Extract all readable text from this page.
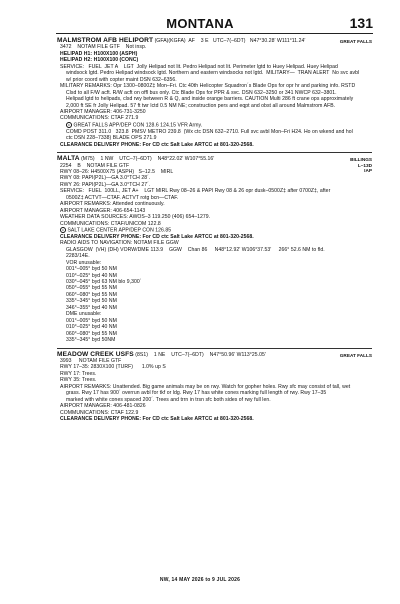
MONTANA	131
GREAT FALLS
MALMSTROM AFB HELIPORT (GFA)(KGFA)  AF    3 E   UTC–7(–6DT)   N47°30.28′ W111°11.24′
3472    NOTAM FILE GTF    Not insp.
HELIPAD H1: H100X100 (ASPH)
HELIPAD H2: H100X100 (CONC)
SERVICE:   FUEL  JET A    LGT  Jolly Helipad not lit. Pedro Helipad not lit. Perimeter lgtd to Huey Helipad. Huey Helipad
windsock lgtd. Pedro Helipad windsock lgtd. Northern and eastern windsocks not lgtd.  MILITARY—  TRAN ALERT  No svc avbl
w/ prior coord with copter maint DSN 632–6356.
MILITARY REMARKS: Opr 1300–0800Z‡ Mon–Fri. Ctc 40th Helicopter Squadron´s Blade Ops for opr hr and parking info. RSTD
Clsd to all F/W acft. R/W acft on offl bus only. Ctc Blade Ops for PPR & svc. DSN 632–3250 or 341 NWCP 632–3801.
Helipad lgtd to helipads, clsd rwy between R & Q, and inside orange barriers. CAUTION Multi 286 ft crane ops approximately
2,000 ft SE fr Jolly Helipad. 57 ft twr lctd 0.5 NM NE; construction pers and eqpt and obst all around Malmstrom AFB.
AIRPORT MANAGER: 406-731-3250
COMMUNICATIONS: CTAF 271.9
C GREAT FALLS APP/DEP CON 128.6 124.15 VFR Army.
COMD POST 311.0   323.8  PMSV METRO 239.8  (Wx ctc DSN 632–2710. Full svc avbl Mon–Fri H24. Ho on wkend and hol
ctc DSN 228–7338) BLADE OPS 271.9
CLEARANCE DELIVERY PHONE: For CD ctc Salt Lake ARTCC at 801-320-2568.
BILLINGS
L–13D
IAP
MALTA (M75)    1 NW    UTC–7(–6DT)    N48°22.02′ W107°55.16′
2254    B    NOTAM FILE GTF
RWY 08–26: H4500X75 (ASPH)   S–12.5    MIRL
RWY 08: PAPI(P2L)—GA 3.0°TCH 28´.
RWY 26: PAPI(P2L)—GA 3.0°TCH 27´.
SERVICE:   FUEL  100LL, JET A+    LGT MIRL Rwy 08–26 & PAPI Rwy 08 & 26 opr dusk–0500Z‡ after 0700Z‡, after
0500Z‡ ACTVT—CTAF. ACTVT rotg bcn—CTAF.
AIRPORT REMARKS: Attended continuously.
AIRPORT MANAGER: 406-654-1143
WEATHER DATA SOURCES: AWOS–3 119.250 (406) 654–1279.
COMMUNICATIONS: CTAF/UNICOM 122.8
C SALT LAKE CENTER APP/DEP CON 126.85
CLEARANCE DELIVERY PHONE: For CD ctc Salt Lake ARTCC at 801-320-2568.
RADIO AIDS TO NAVIGATION: NOTAM FILE GGW
GLASGOW  (VH) (DH) VORW/DME 113.9    GGW    Chan 86     N48°12.92′ W106°37.53′     266° 52.6 NM to fld.
2283/14E.
VOR unusable:
001°–005° byd 50 NM
010°–025° byd 40 NM
030°–045° byd 63 NM blo 9,300´
050°–055° byd 55 NM
060°–080° byd 55 NM
335°–345° byd 50 NM
346°–355° byd 40 NM
DME unusable:
001°–005° byd 50 NM
010°–025° byd 40 NM
060°–080° byd 55 NM
335°–345° byd 50NM
GREAT FALLS
MEADOW CREEK USFS (8S1)    1 NE    UTC–7(–6DT)    N47°50.96′ W113°25.05′
3993     NOTAM FILE GTF
RWY 17–35: 2830X100 (TURF)      1.0% up S
RWY 17: Trees.
RWY 35: Trees.
AIRPORT REMARKS: Unattended. Big game animals may be on rwy. Watch for gopher holes. Rwy sfc may consist of tall, wet
grass. Rwy 17 has 900´ overrun avbl for tkf or ldg. Rwy 17 has white cones marking full length of rwy. Rwy 17–35
marked with white cones spaced 200´. Trees and trrn in trsn sfc both sides of rwy full len.
AIRPORT MANAGER: 406-481-0826
COMMUNICATIONS: CTAF 122.9
CLEARANCE DELIVERY PHONE: For CD ctc Salt Lake ARTCC at 801-320-2568.
NW, 14 MAY 2026 to 9 JUL 2026
